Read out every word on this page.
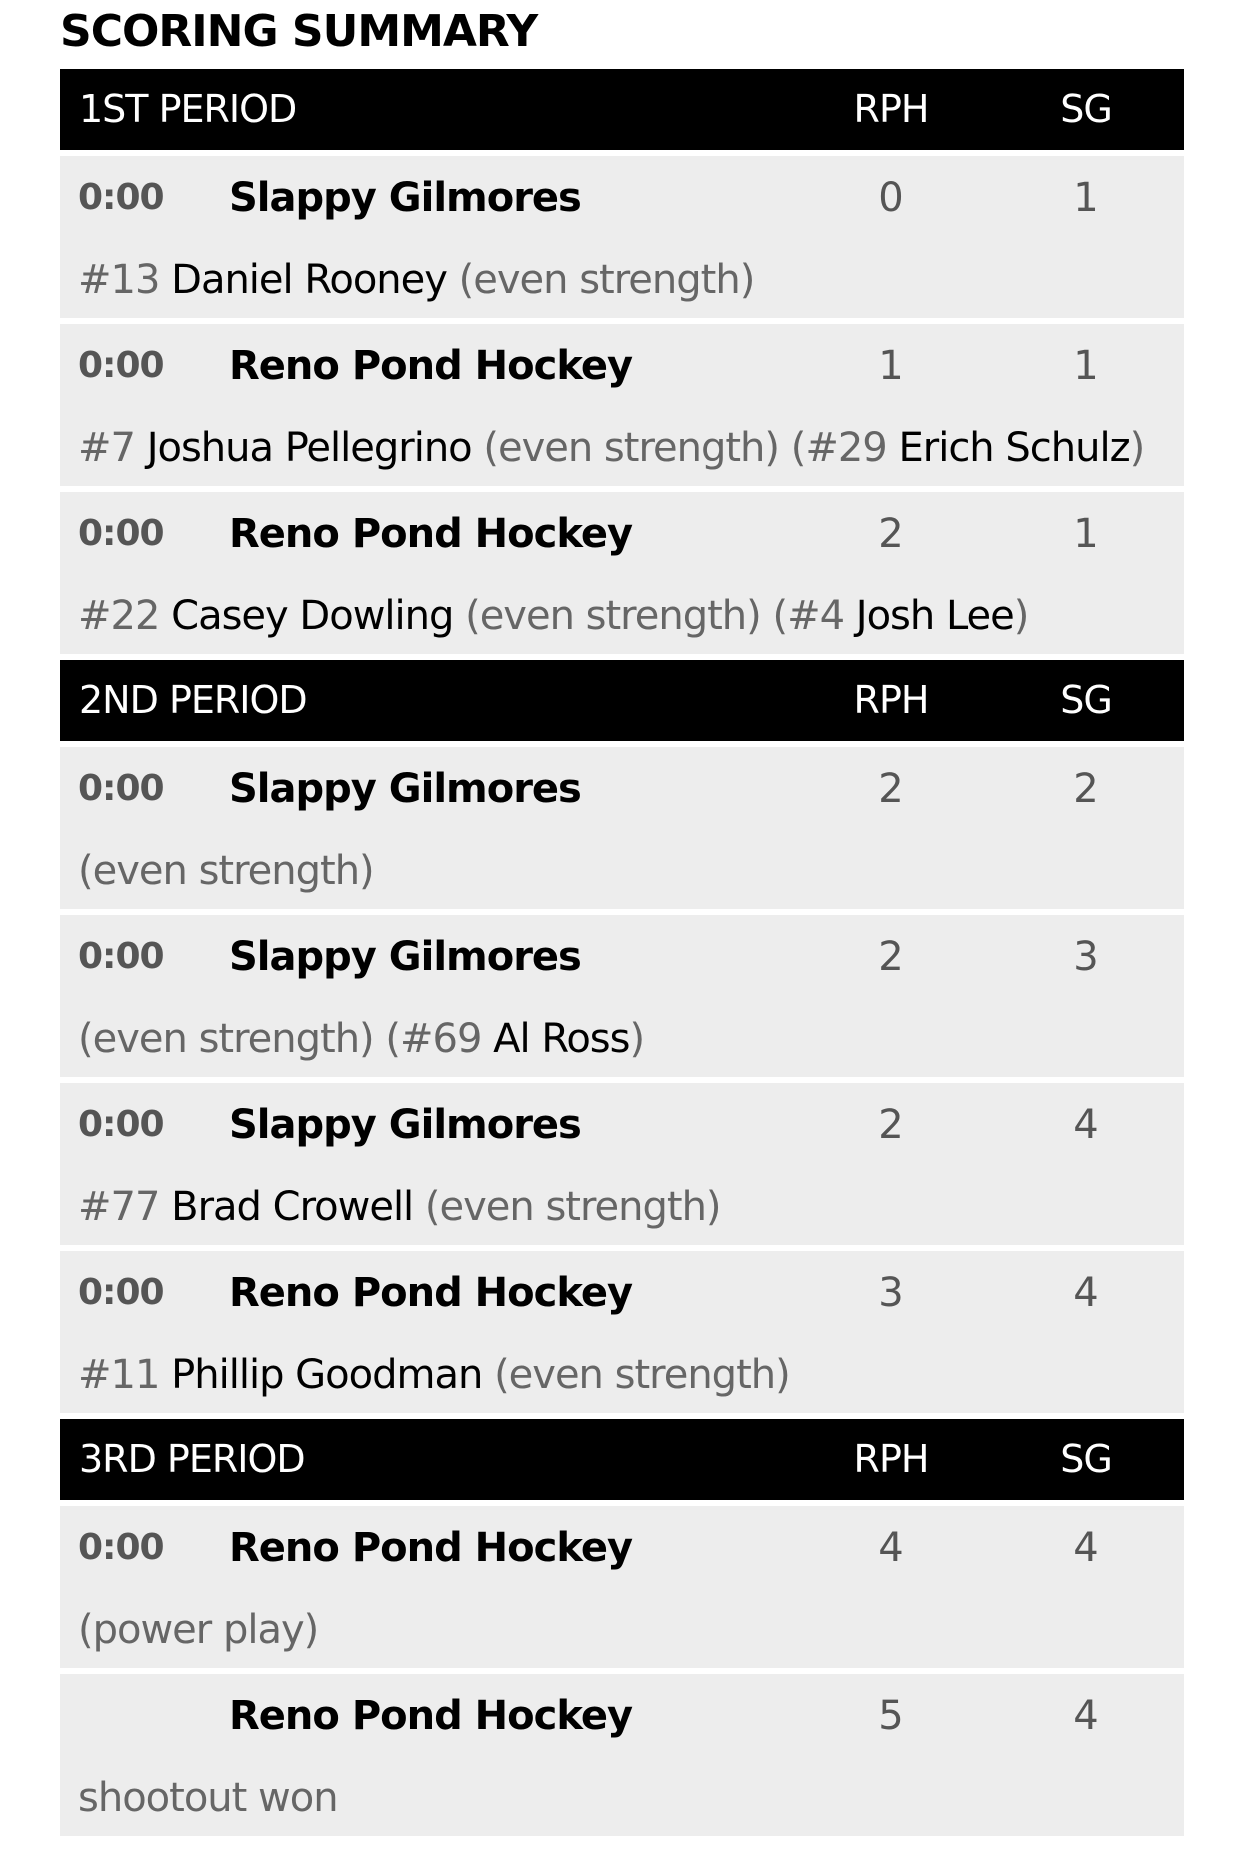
SCORING SUMMARY
1ST PERIOD	RPH	SG
0:00 Slappy Gilmores	0	1
#13 Daniel Rooney (even strength)
0:00 Reno Pond Hockey	1	1
#7 Joshua Pellegrino (even strength) (#29 Erich Schulz)
0:00 Reno Pond Hockey	2	1
#22 Casey Dowling (even strength) (#4 Josh Lee)
2ND PERIOD	RPH	SG
0:00 Slappy Gilmores	2	2
(even strength)
0:00 Slappy Gilmores	2	3
(even strength) (#69 Al Ross)
0:00 Slappy Gilmores	2	4
#77 Brad Crowell (even strength)
0:00 Reno Pond Hockey	3	4
#11 Phillip Goodman (even strength)
3RD PERIOD	RPH	SG
0:00 Reno Pond Hockey	4	4
(power play)
Reno Pond Hockey	5	4
shootout won
